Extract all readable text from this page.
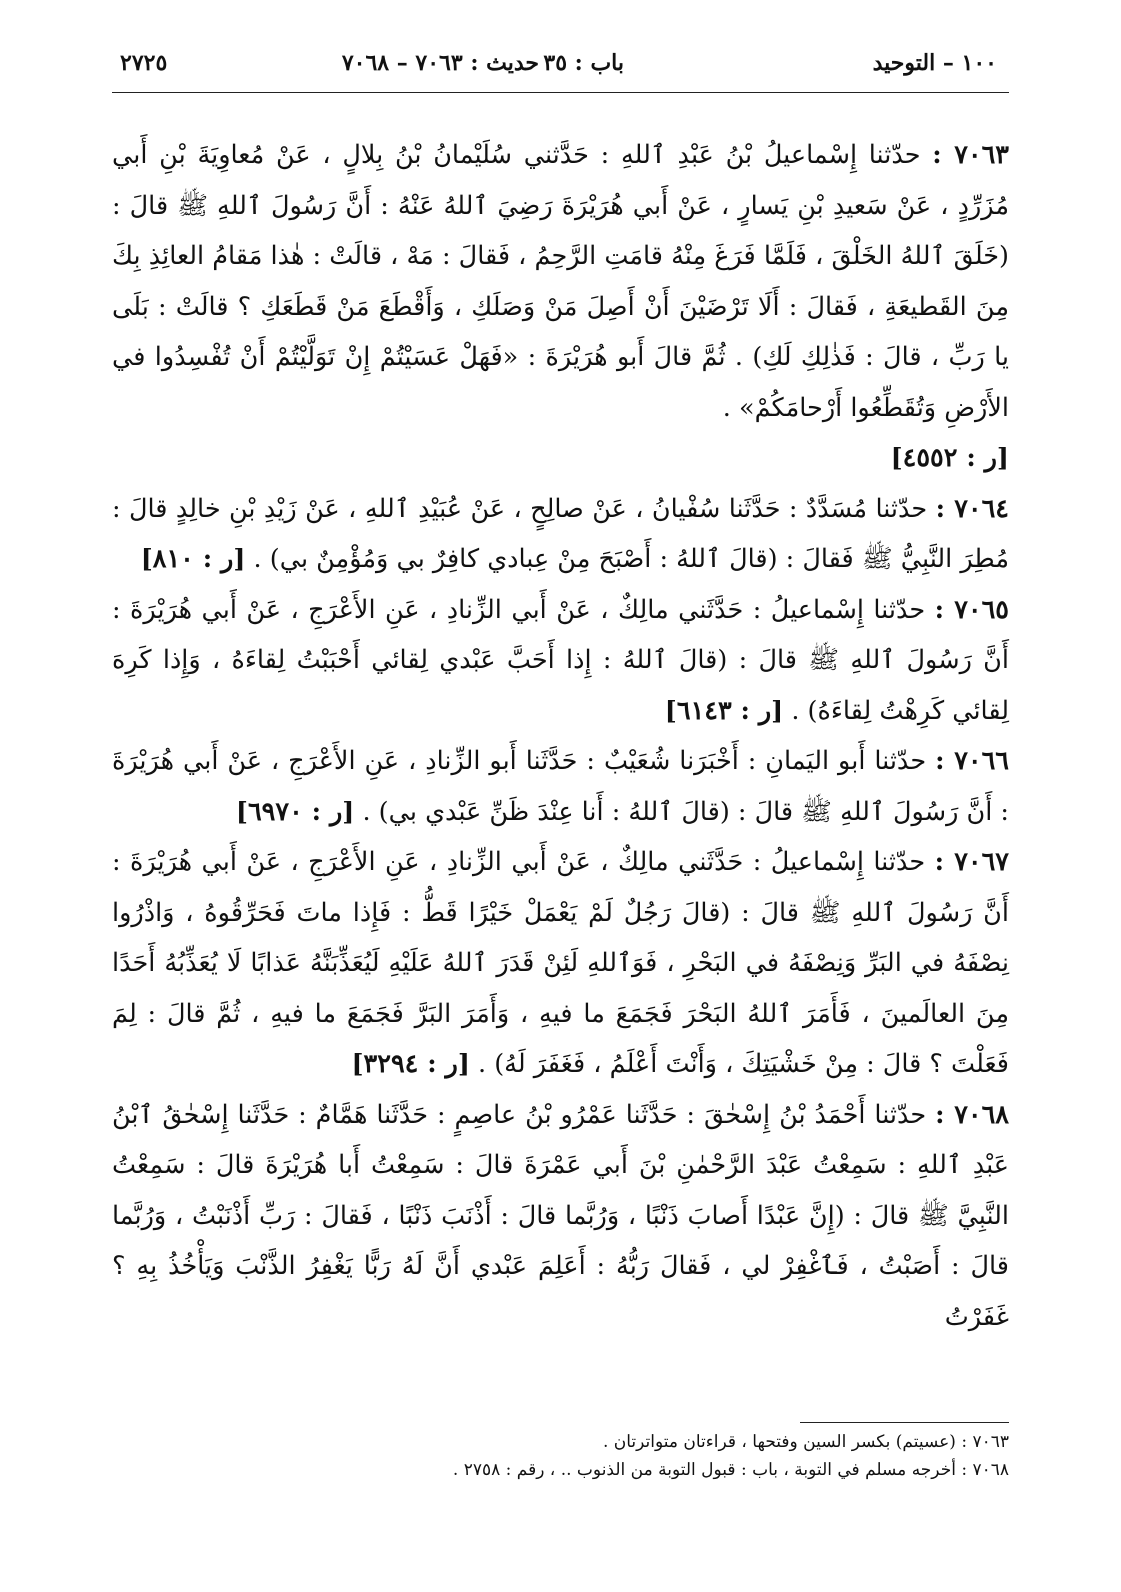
١٠٠ – التوحيد
باب : ٣٥
حديث : ٧٠٦٣ – ٧٠٦٨
٢٧٢٥

٧٠٦٣ : حدّثنا إِسْماعيلُ بْنُ عَبْدِ ٱللهِ : حَدَّثني سُلَيْمانُ بْنُ بِلالٍ ، عَنْ مُعاوِيَةَ بْنِ أَبي مُزَرِّدٍ ، عَنْ سَعيدِ بْنِ يَسارٍ ، عَنْ أَبي هُرَيْرَةَ رَضِيَ ٱللهُ عَنْهُ : أَنَّ رَسُولَ ٱللهِ ﷺ قالَ : (خَلَقَ ٱللهُ الخَلْقَ ، فَلَمَّا فَرَغَ مِنْهُ قامَتِ الرَّحِمُ ، فَقالَ : مَهْ ، قالَتْ : هٰذا مَقامُ العائِذِ بِكَ مِنَ القَطيعَةِ ، فَقالَ : أَلَا تَرْضَيْنَ أَنْ أَصِلَ مَنْ وَصَلَكِ ، وَأَقْطَعَ مَنْ قَطَعَكِ ؟ قالَتْ : بَلَى يا رَبِّ ، قالَ : فَذٰلِكِ لَكِ) . ثُمَّ قالَ أَبو هُرَيْرَةَ : «فَهَلْ عَسَيْتُمْ إِنْ تَوَلَّيْتُمْ أَنْ تُفْسِدُوا في الأَرْضِ وَتُقَطِّعُوا أَرْحامَكُمْ» .

[ر : ٤٥٥٢]

٧٠٦٤ : حدّثنا مُسَدَّدٌ : حَدَّثَنا سُفْيانُ ، عَنْ صالِحٍ ، عَنْ عُبَيْدِ ٱللهِ ، عَنْ زَيْدِ بْنِ خالِدٍ قالَ : مُطِرَ النَّبِيُّ ﷺ فَقالَ : (قالَ ٱللهُ : أَصْبَحَ مِنْ عِبادي كافِرٌ بي وَمُؤْمِنٌ بي) . [ر : ٨١٠]

٧٠٦٥ : حدّثنا إِسْماعيلُ : حَدَّثَني مالِكٌ ، عَنْ أَبي الزِّنادِ ، عَنِ الأَعْرَجِ ، عَنْ أَبي هُرَيْرَةَ : أَنَّ رَسُولَ ٱللهِ ﷺ قالَ : (قالَ ٱللهُ : إِذا أَحَبَّ عَبْدي لِقائي أَحْبَبْتُ لِقاءَهُ ، وَإِذا كَرِهَ لِقائي كَرِهْتُ لِقاءَهُ) . [ر : ٦١٤٣]

٧٠٦٦ : حدّثنا أَبو اليَمانِ : أَخْبَرَنا شُعَيْبٌ : حَدَّثَنا أَبو الزِّنادِ ، عَنِ الأَعْرَجِ ، عَنْ أَبي هُرَيْرَةَ : أَنَّ رَسُولَ ٱللهِ ﷺ قالَ : (قالَ ٱللهُ : أَنا عِنْدَ ظَنِّ عَبْدي بي) . [ر : ٦٩٧٠]

٧٠٦٧ : حدّثنا إِسْماعيلُ : حَدَّثَني مالِكٌ ، عَنْ أَبي الزِّنادِ ، عَنِ الأَعْرَجِ ، عَنْ أَبي هُرَيْرَةَ : أَنَّ رَسُولَ ٱللهِ ﷺ قالَ : (قالَ رَجُلٌ لَمْ يَعْمَلْ خَيْرًا قَطُّ : فَإِذا ماتَ فَحَرِّقُوهُ ، وَاذْرُوا نِصْفَهُ في البَرِّ وَنِصْفَهُ في البَحْرِ ، فَوَٱللهِ لَئِنْ قَدَرَ ٱللهُ عَلَيْهِ لَيُعَذِّبَنَّهُ عَذابًا لَا يُعَذِّبُهُ أَحَدًا مِنَ العالَمينَ ، فَأَمَرَ ٱللهُ البَحْرَ فَجَمَعَ ما فيهِ ، وَأَمَرَ البَرَّ فَجَمَعَ ما فيهِ ، ثُمَّ قالَ : لِمَ فَعَلْتَ ؟ قالَ : مِنْ خَشْيَتِكَ ، وَأَنْتَ أَعْلَمُ ، فَغَفَرَ لَهُ) . [ر : ٣٢٩٤]

٧٠٦٨ : حدّثنا أَحْمَدُ بْنُ إِسْحٰقَ : حَدَّثَنا عَمْرُو بْنُ عاصِمٍ : حَدَّثَنا هَمَّامٌ : حَدَّثَنا إِسْحٰقُ ٱبْنُ عَبْدِ ٱللهِ : سَمِعْتُ عَبْدَ الرَّحْمٰنِ بْنَ أَبي عَمْرَةَ قالَ : سَمِعْتُ أَبا هُرَيْرَةَ قالَ : سَمِعْتُ النَّبِيَّ ﷺ قالَ : (إِنَّ عَبْدًا أَصابَ ذَنْبًا ، وَرُبَّما قالَ : أَذْنَبَ ذَنْبًا ، فَقالَ : رَبِّ أَذْنَبْتُ ، وَرُبَّما قالَ : أَصَبْتُ ، فَٱغْفِرْ لي ، فَقالَ رَبُّهُ : أَعَلِمَ عَبْدي أَنَّ لَهُ رَبًّا يَغْفِرُ الذَّنْبَ وَيَأْخُذُ بِهِ ؟ غَفَرْتُ

٧٠٦٣ : (عسيتم) بكسر السين وفتحها ، قراءتان متواترتان .

٧٠٦٨ : أخرجه مسلم في التوبة ، باب : قبول التوبة من الذنوب .. ، رقم : ٢٧٥٨ .
